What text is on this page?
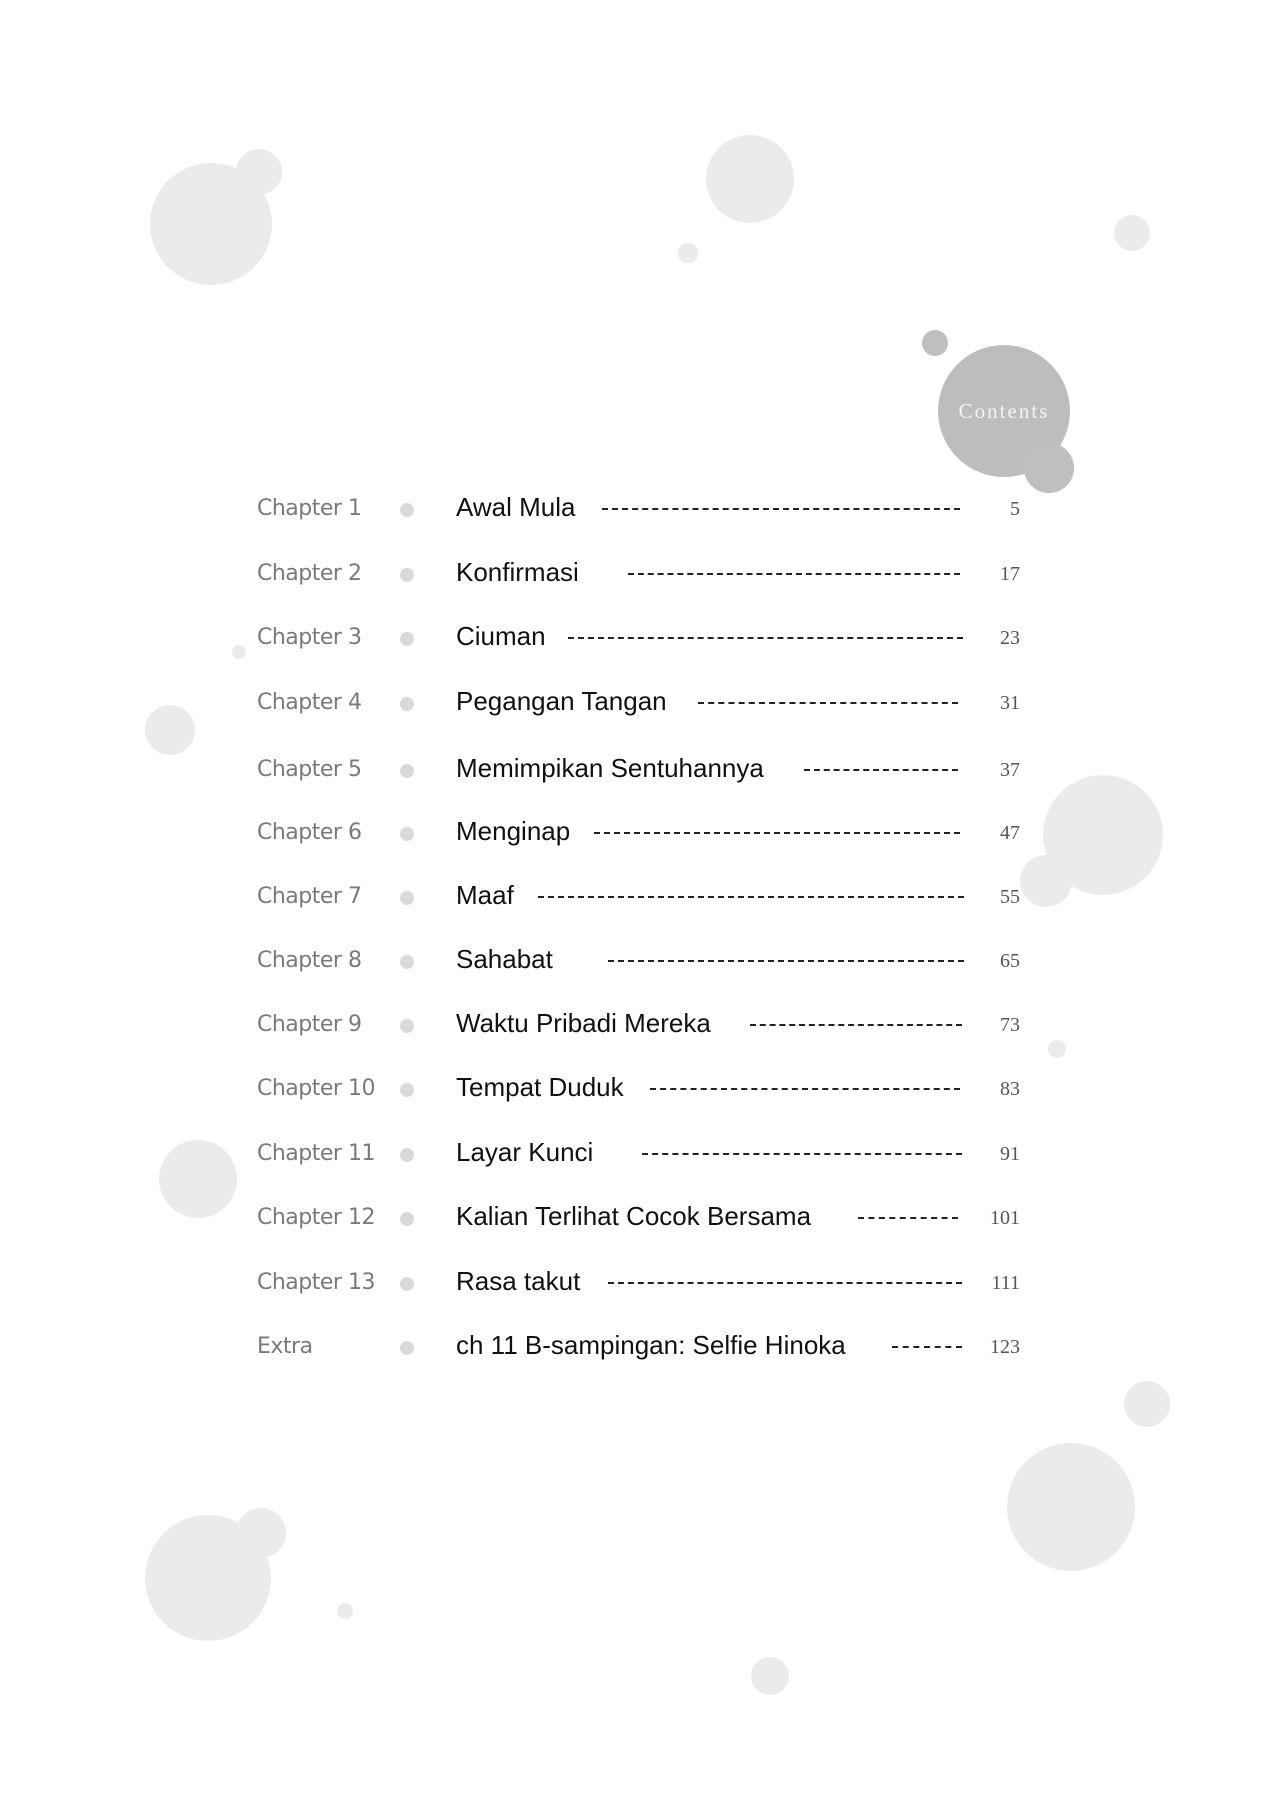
Contents
Chapter 1	Awal Mula	5
Chapter 2	Konfirmasi	17
Chapter 3	Ciuman	23
Chapter 4	Pegangan Tangan	31
Chapter 5	Memimpikan Sentuhannya	37
Chapter 6	Menginap	47
Chapter 7	Maaf	55
Chapter 8	Sahabat	65
Chapter 9	Waktu Pribadi Mereka	73
Chapter 10	Tempat Duduk	83
Chapter 11	Layar Kunci	91
Chapter 12	Kalian Terlihat Cocok Bersama	101
Chapter 13	Rasa takut	111
Extra	ch 11 B-sampingan: Selfie Hinoka	123
